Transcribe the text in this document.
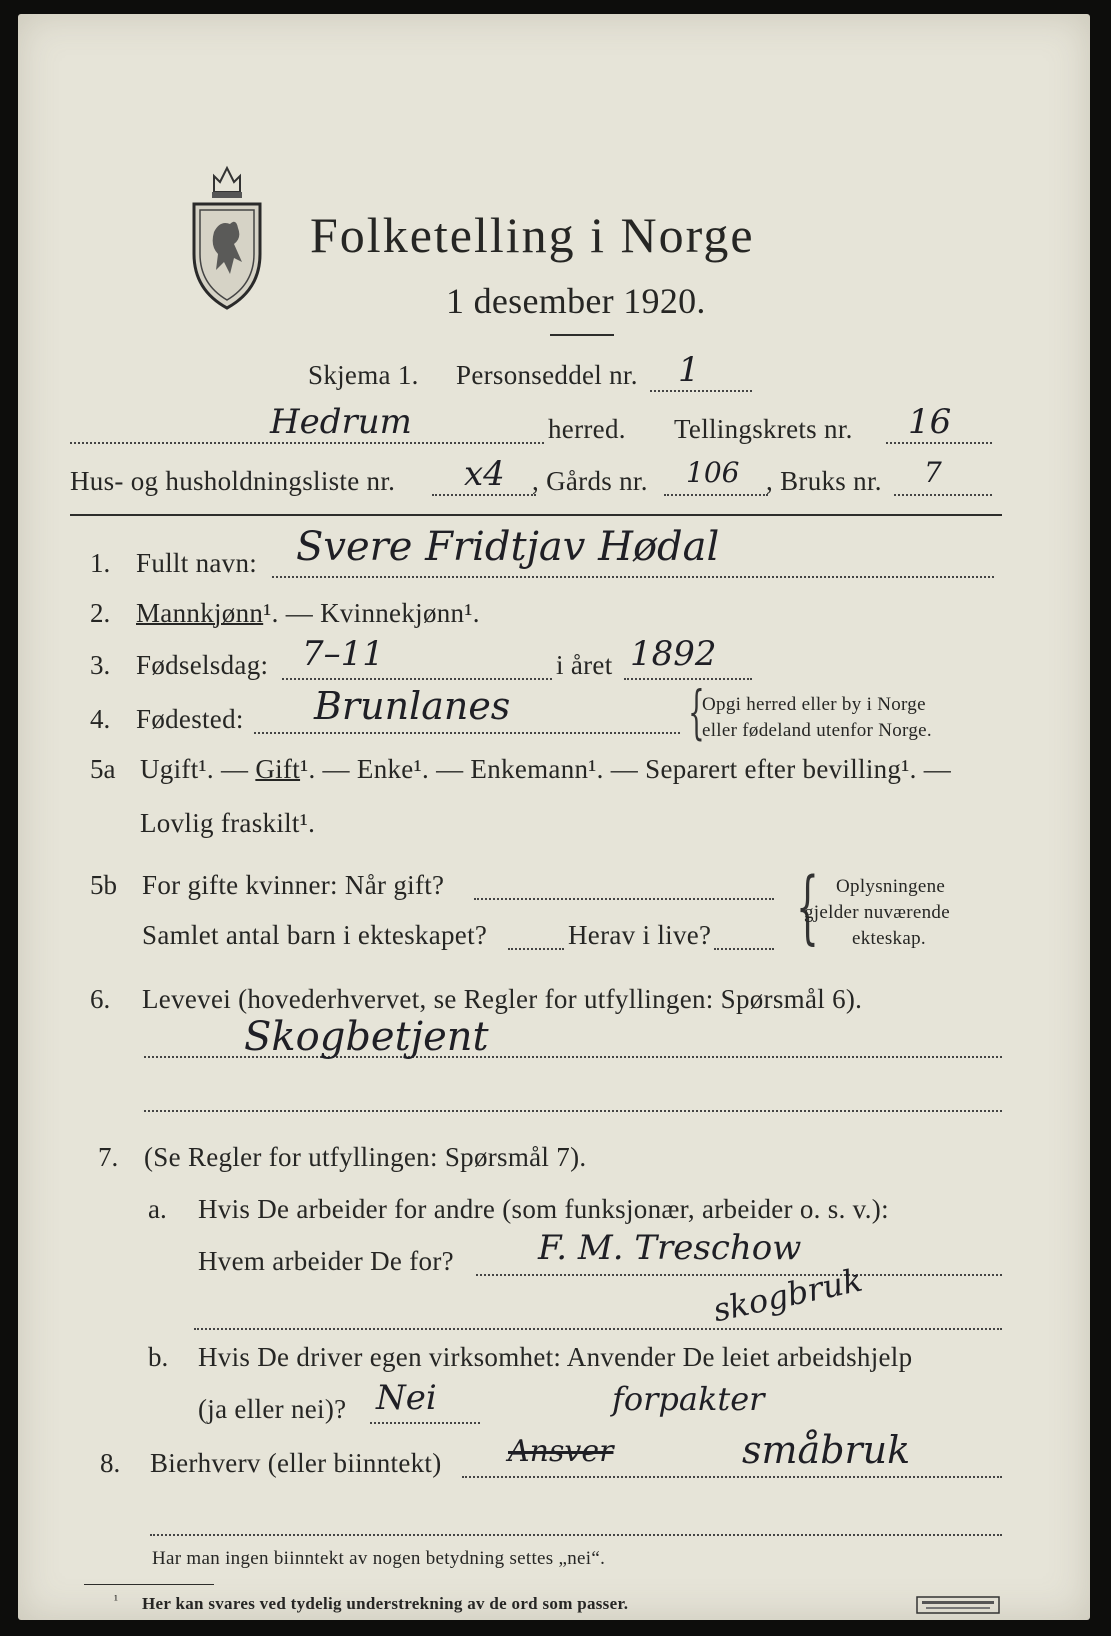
Folketelling i Norge
1 desember 1920.
Skjema 1. Personseddel nr. 1
Hedrum	herred. Tellingskrets nr. 16
Hus- og husholdningsliste nr. x4 , Gårds nr. 106 , Bruks nr. 7
1. Fullt navn: Svere Fridtjav Hødal
2. Mannkjønn¹. — Kvinnekjønn¹.
3. Fødselsdag: 7–11	i året 1892
4. Fødested: Brunlanes	{
Opgi herred eller by i Norge
eller fødeland utenfor Norge.
5a Ugift¹. — Gift¹. — Enke¹. — Enkemann¹. — Separert efter bevilling¹. —
Lovlig fraskilt¹.
5b For gifte kvinner: Når gift?
Samlet antal barn i ekteskapet?	Herav i live? { Oplysningene
gjelder nuværende
ekteskap.
6. Levevei (hovederhvervet, se Regler for utfyllingen: Spørsmål 6).
Skogbetjent
7. (Se Regler for utfyllingen: Spørsmål 7).
a. Hvis De arbeider for andre (som funksjonær, arbeider o. s. v.):
Hvem arbeider De for? F. M. Treschow
skogbruk
b. Hvis De driver egen virksomhet: Anvender De leiet arbeidshjelp
(ja eller nei)? Nei
8. Bierhverv (eller biinntekt)
forpakter
Ansver	småbruk
Har man ingen biinntekt av nogen betydning settes „nei“.
¹ Her kan svares ved tydelig understrekning av de ord som passer.
